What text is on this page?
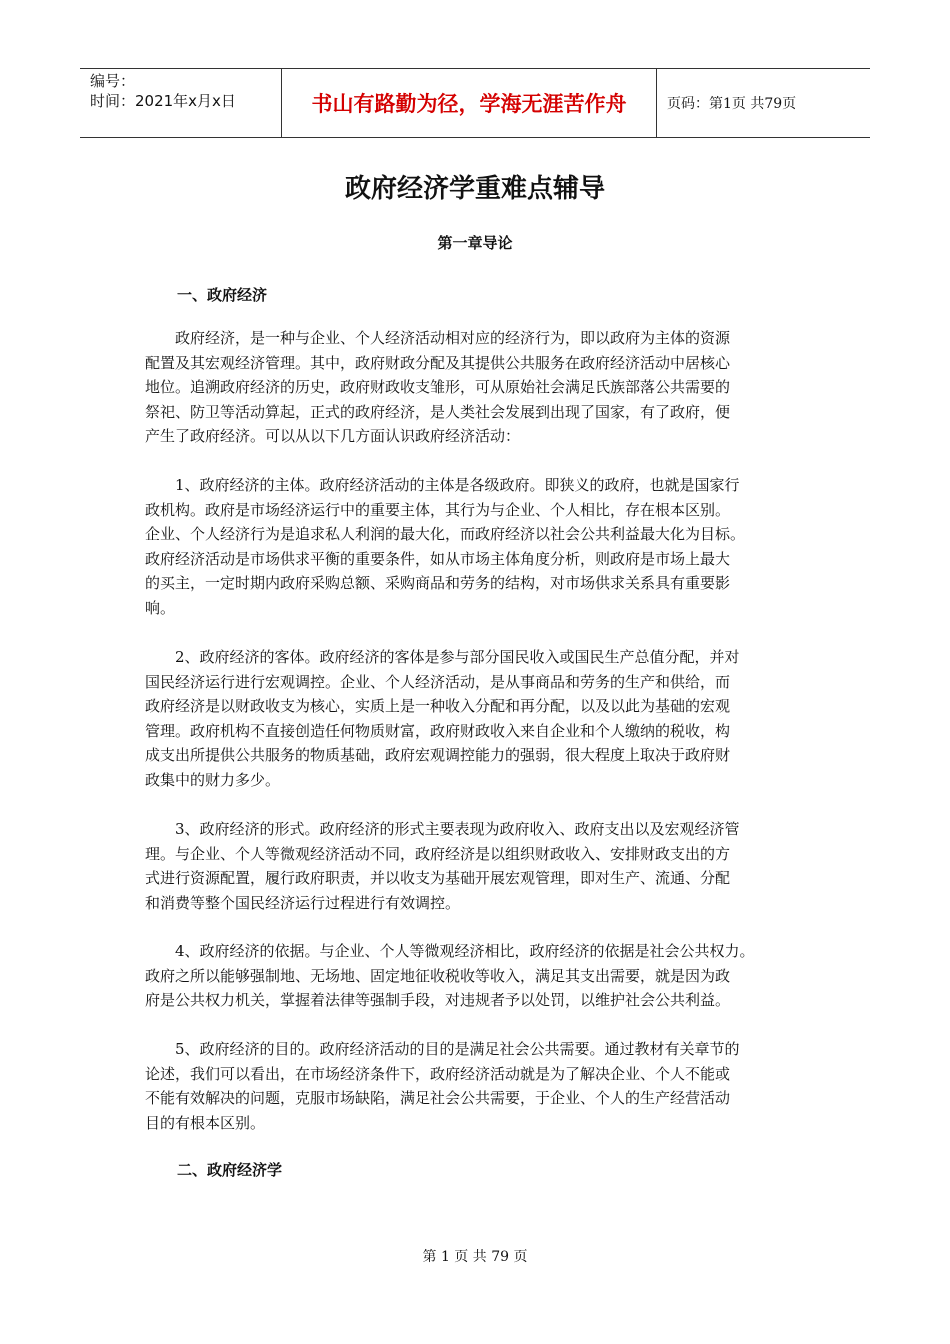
编号：
时间：2021年x月x日	书山有路勤为径，学海无涯苦作舟	页码：第1页 共79页
政府经济学重难点辅导
第一章导论
一、政府经济
政府经济，是一种与企业、个人经济活动相对应的经济行为，即以政府为主体的资源
配置及其宏观经济管理。其中，政府财政分配及其提供公共服务在政府经济活动中居核心
地位。追溯政府经济的历史，政府财政收支雏形，可从原始社会满足氏族部落公共需要的
祭祀、防卫等活动算起，正式的政府经济，是人类社会发展到出现了国家，有了政府，便
产生了政府经济。可以从以下几方面认识政府经济活动：
1、政府经济的主体。政府经济活动的主体是各级政府。即狭义的政府，也就是国家行
政机构。政府是市场经济运行中的重要主体，其行为与企业、个人相比，存在根本区别。
企业、个人经济行为是追求私人利润的最大化，而政府经济以社会公共利益最大化为目标。
政府经济活动是市场供求平衡的重要条件，如从市场主体角度分析，则政府是市场上最大
的买主，一定时期内政府采购总额、采购商品和劳务的结构，对市场供求关系具有重要影
响。
2、政府经济的客体。政府经济的客体是参与部分国民收入或国民生产总值分配，并对
国民经济运行进行宏观调控。企业、个人经济活动，是从事商品和劳务的生产和供给，而
政府经济是以财政收支为核心，实质上是一种收入分配和再分配，以及以此为基础的宏观
管理。政府机构不直接创造任何物质财富，政府财政收入来自企业和个人缴纳的税收，构
成支出所提供公共服务的物质基础，政府宏观调控能力的强弱，很大程度上取决于政府财
政集中的财力多少。
3、政府经济的形式。政府经济的形式主要表现为政府收入、政府支出以及宏观经济管
理。与企业、个人等微观经济活动不同，政府经济是以组织财政收入、安排财政支出的方
式进行资源配置，履行政府职责，并以收支为基础开展宏观管理，即对生产、流通、分配
和消费等整个国民经济运行过程进行有效调控。
4、政府经济的依据。与企业、个人等微观经济相比，政府经济的依据是社会公共权力。
政府之所以能够强制地、无场地、固定地征收税收等收入，满足其支出需要，就是因为政
府是公共权力机关，掌握着法律等强制手段，对违规者予以处罚，以维护社会公共利益。
5、政府经济的目的。政府经济活动的目的是满足社会公共需要。通过教材有关章节的
论述，我们可以看出，在市场经济条件下，政府经济活动就是为了解决企业、个人不能或
不能有效解决的问题，克服市场缺陷，满足社会公共需要，于企业、个人的生产经营活动
目的有根本区别。
二、政府经济学
第 1 页 共 79 页
